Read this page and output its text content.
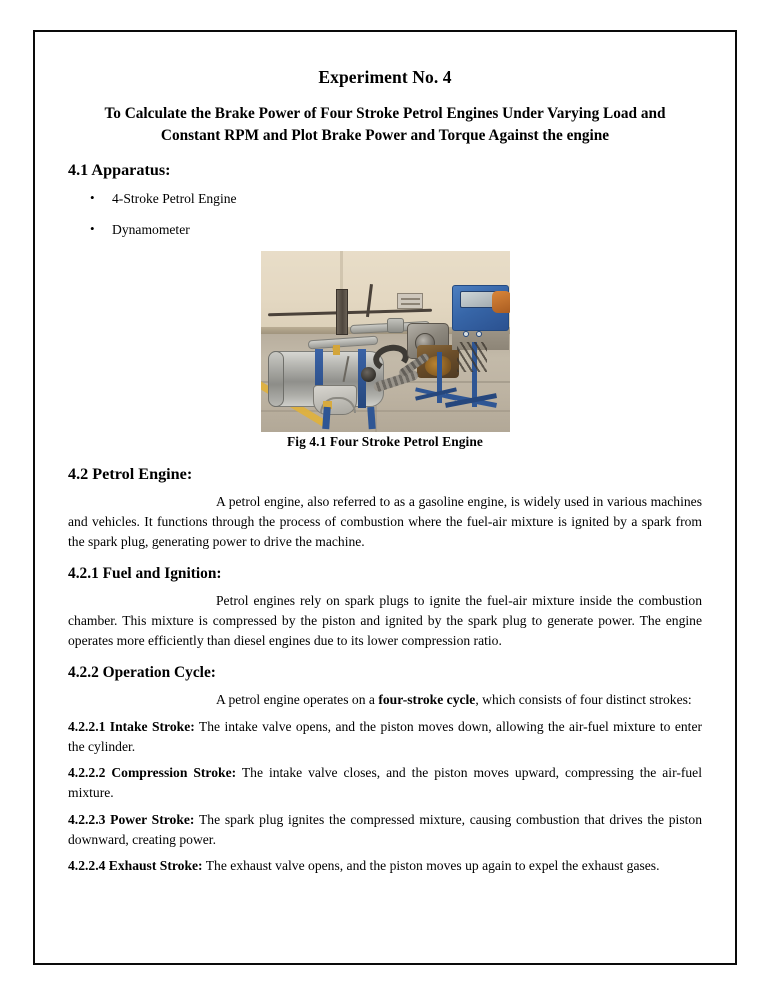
Experiment No. 4
To Calculate the Brake Power of Four Stroke Petrol Engines Under Varying Load and Constant RPM and Plot Brake Power and Torque Against the engine
4.1 Apparatus:
• 4-Stroke Petrol Engine
• Dynamometer
Fig 4.1 Four Stroke Petrol Engine
4.2 Petrol Engine:

A petrol engine, also referred to as a gasoline engine, is widely used in various machines and vehicles. It functions through the process of combustion where the fuel-air mixture is ignited by a spark from the spark plug, generating power to drive the machine.

4.2.1 Fuel and Ignition:

Petrol engines rely on spark plugs to ignite the fuel-air mixture inside the combustion chamber. This mixture is compressed by the piston and ignited by the spark plug to generate power. The engine operates more efficiently than diesel engines due to its lower compression ratio.

4.2.2 Operation Cycle:

A petrol engine operates on a four-stroke cycle, which consists of four distinct strokes:

4.2.2.1 Intake Stroke: The intake valve opens, and the piston moves down, allowing the air-fuel mixture to enter the cylinder.

4.2.2.2 Compression Stroke: The intake valve closes, and the piston moves upward, compressing the air-fuel mixture.

4.2.2.3 Power Stroke: The spark plug ignites the compressed mixture, causing combustion that drives the piston downward, creating power.

4.2.2.4 Exhaust Stroke: The exhaust valve opens, and the piston moves up again to expel the exhaust gases.
